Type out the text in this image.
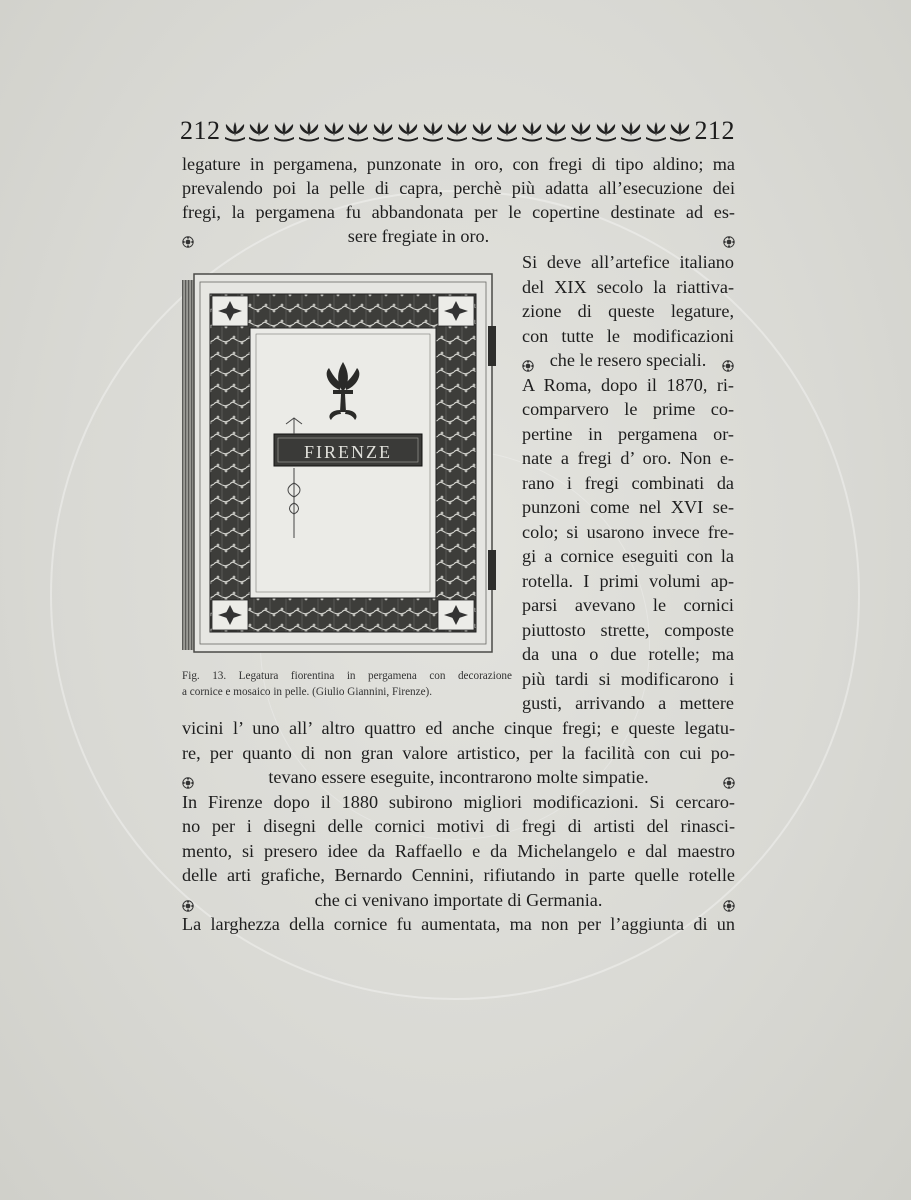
212	212
legature in pergamena, punzonate in oro, con fregi di tipo aldino; ma
prevalendo poi la pelle di capra, perchè più adatta all’esecuzione dei
fregi, la pergamena fu abbandonata per le copertine destinate ad es-
sere fregiate in oro.
FIRENZE
Fig. 13. Legatura fiorentina in pergamena con decorazione
a cornice e mosaico in pelle. (Giulio Giannini, Firenze).
Si deve all’artefice italiano
del XIX secolo la riattiva-
zione di queste legature,
con tutte le modificazioni
che le resero speciali.
A Roma, dopo il 1870, ri-
comparvero le prime co-
pertine in pergamena or-
nate a fregi d’ oro. Non e-
rano i fregi combinati da
punzoni come nel XVI se-
colo; si usarono invece fre-
gi a cornice eseguiti con la
rotella. I primi volumi ap-
parsi avevano le cornici
piuttosto strette, composte
da una o due rotelle; ma
più tardi si modificarono i
gusti, arrivando a mettere
vicini l’ uno all’ altro quattro ed anche cinque fregi; e queste legatu-
re, per quanto di non gran valore artistico, per la facilità con cui po-
tevano essere eseguite, incontrarono molte simpatie.
In Firenze dopo il 1880 subirono migliori modificazioni. Si cercaro-
no per i disegni delle cornici motivi di fregi di artisti del rinasci-
mento, si presero idee da Raffaello e da Michelangelo e dal maestro
delle arti grafiche, Bernardo Cennini, rifiutando in parte quelle rotelle
che ci venivano importate di Germania.
La larghezza della cornice fu aumentata, ma non per l’aggiunta di un
